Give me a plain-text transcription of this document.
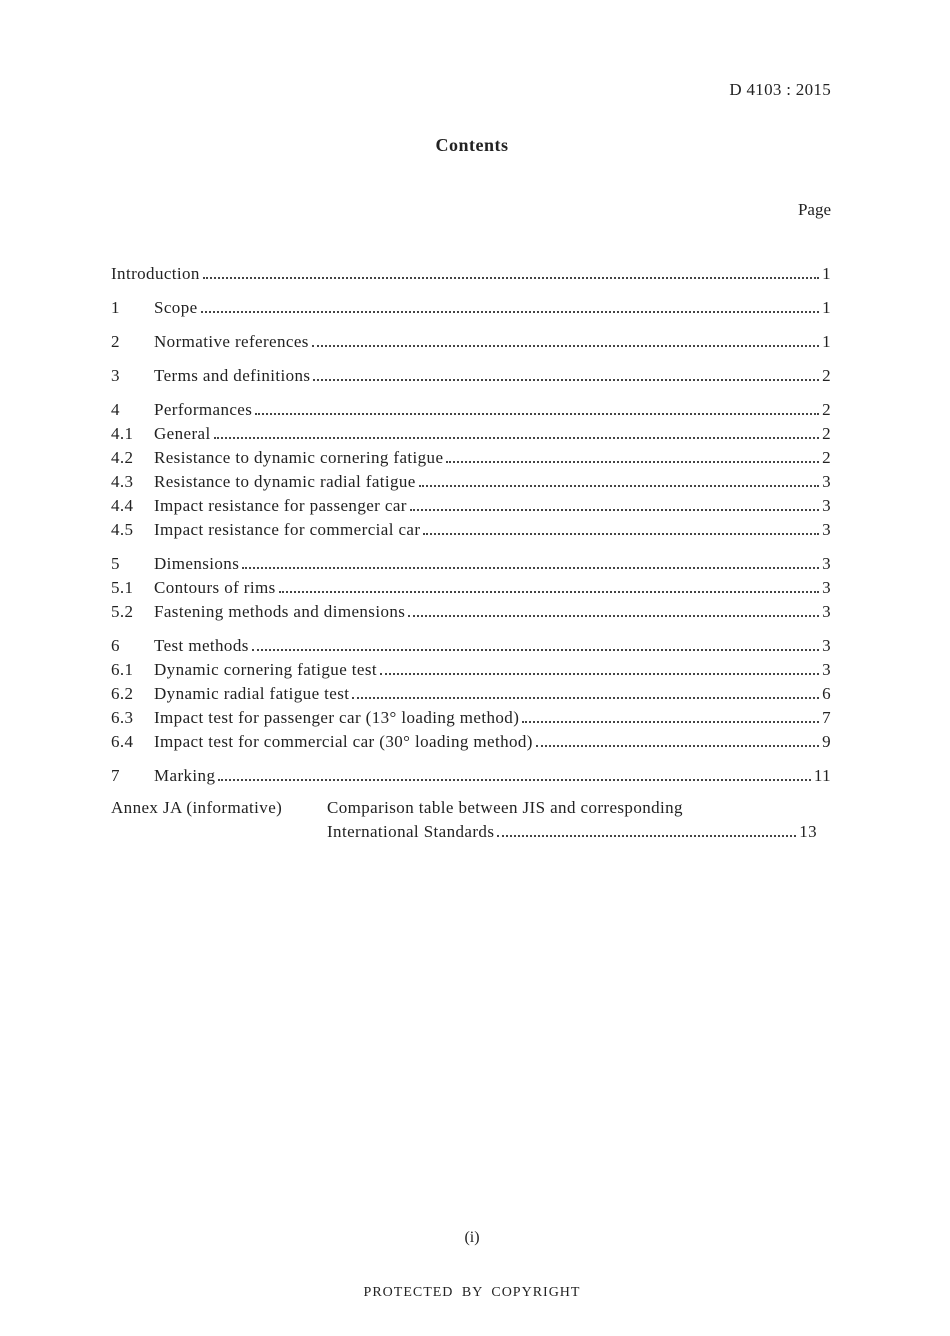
D 4103 : 2015
Contents
Page
Introduction	1
1	Scope	1
2	Normative references	1
3	Terms and definitions	2
4	Performances	2
4.1	General	2
4.2	Resistance to dynamic cornering fatigue	2
4.3	Resistance to dynamic radial fatigue	3
4.4	Impact resistance for passenger car	3
4.5	Impact resistance for commercial car	3
5	Dimensions	3
5.1	Contours of rims	3
5.2	Fastening methods and dimensions	3
6	Test methods	3
6.1	Dynamic cornering fatigue test	3
6.2	Dynamic radial fatigue test	6
6.3	Impact test for passenger car (13° loading method)	7
6.4	Impact test for commercial car (30° loading method)	9
7	Marking	11
Annex JA (informative)	Comparison table between JIS and corresponding
International Standards	13
(i)
PROTECTED BY COPYRIGHT
